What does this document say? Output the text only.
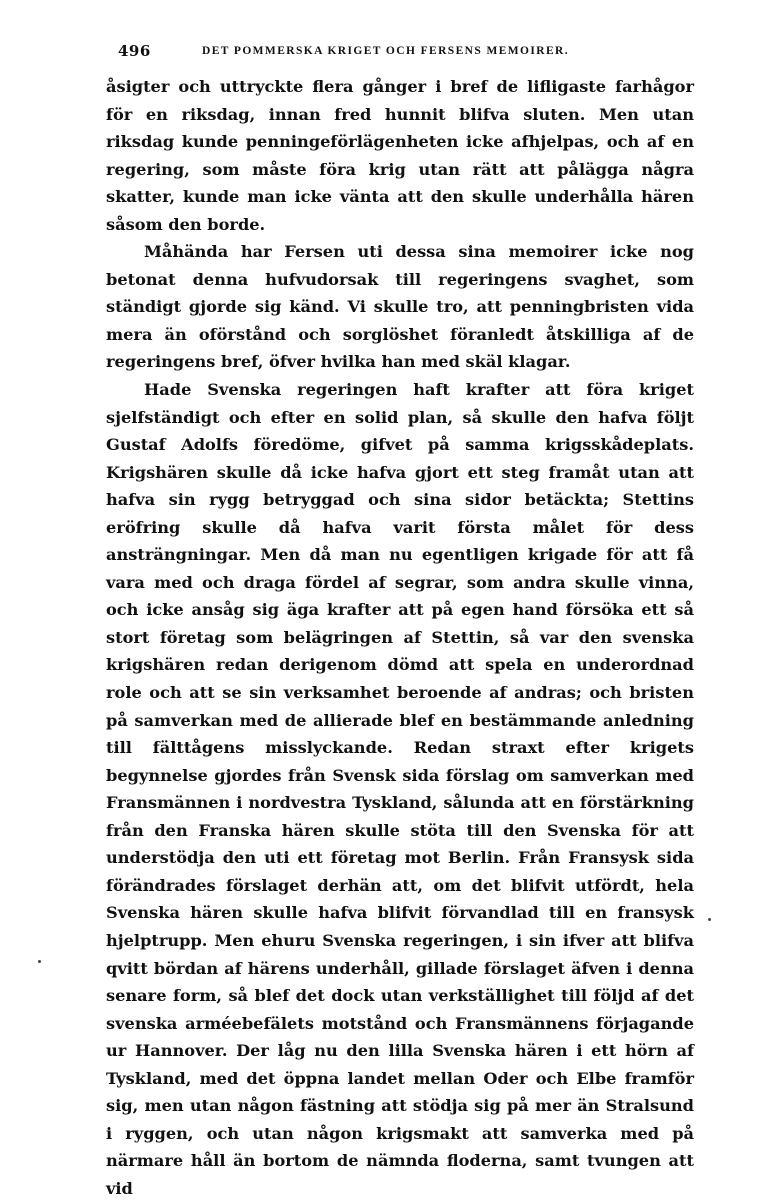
496	DET POMMERSKA KRIGET OCH FERSENS MEMOIRER.

åsigter och uttryckte flera gånger i bref de lifligaste farhågor för en riksdag, innan fred hunnit blifva sluten. Men utan riksdag kunde penningeförlägenheten icke afhjelpas, och af en regering, som måste föra krig utan rätt att pålägga några skatter, kunde man icke vänta att den skulle underhålla hären såsom den borde.

Måhända har Fersen uti dessa sina memoirer icke nog betonat denna hufvudorsak till regeringens svaghet, som ständigt gjorde sig känd. Vi skulle tro, att penningbristen vida mera än oförstånd och sorglöshet föranledt åtskilliga af de regeringens bref, öfver hvilka han med skäl klagar.

Hade Svenska regeringen haft krafter att föra kriget sjelfständigt och efter en solid plan, så skulle den hafva följt Gustaf Adolfs föredöme, gifvet på samma krigsskådeplats. Krigshären skulle då icke hafva gjort ett steg framåt utan att hafva sin rygg betryggad och sina sidor betäckta; Stettins eröfring skulle då hafva varit första målet för dess ansträngningar. Men då man nu egentligen krigade för att få vara med och draga fördel af segrar, som andra skulle vinna, och icke ansåg sig äga krafter att på egen hand försöka ett så stort företag som belägringen af Stettin, så var den svenska krigshären redan derigenom dömd att spela en underordnad role och att se sin verksamhet beroende af andras; och bristen på samverkan med de allierade blef en bestämmande anledning till fälttågens misslyckande. Redan straxt efter krigets begynnelse gjordes från Svensk sida förslag om samverkan med Fransmännen i nordvestra Tyskland, sålunda att en förstärkning från den Franska hären skulle stöta till den Svenska för att understödja den uti ett företag mot Berlin. Från Fransysk sida förändrades förslaget derhän att, om det blifvit utfördt, hela Svenska hären skulle hafva blifvit förvandlad till en fransysk hjelptrupp. Men ehuru Svenska regeringen, i sin ifver att blifva qvitt bördan af härens underhåll, gillade förslaget äfven i denna senare form, så blef det dock utan verkställighet till följd af det svenska arméebefälets motstånd och Fransmännens förjagande ur Hannover. Der låg nu den lilla Svenska hären i ett hörn af Tyskland, med det öppna landet mellan Oder och Elbe framför sig, men utan någon fästning att stödja sig på mer än Stralsund i ryggen, och utan någon krigsmakt att samverka med på närmare håll än bortom de nämnda floderna, samt tvungen att vid
